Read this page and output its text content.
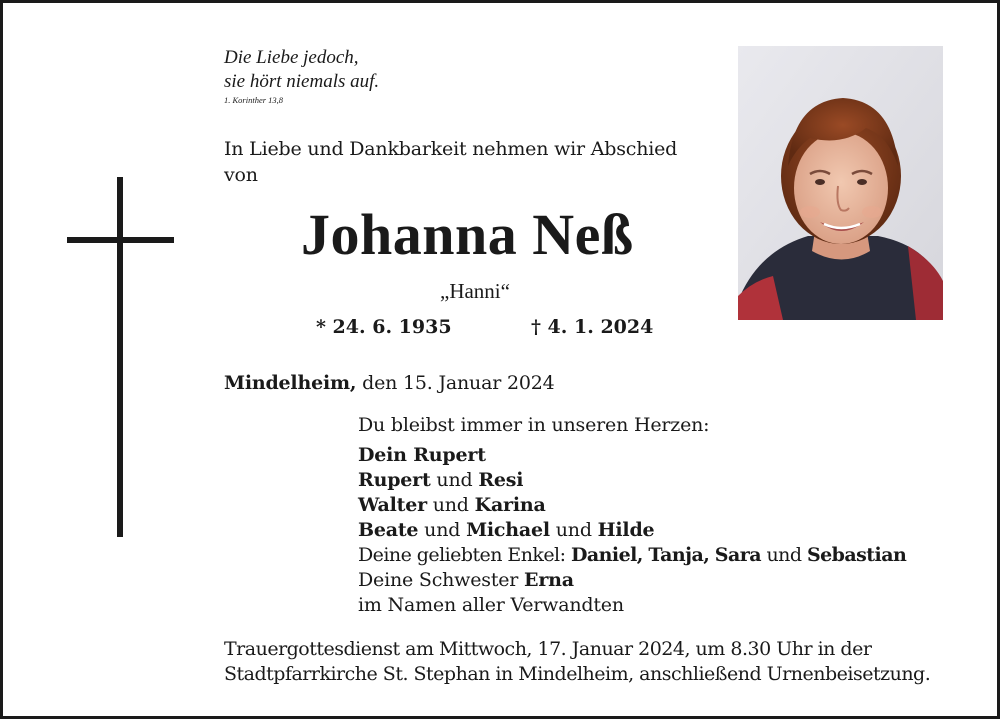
Die Liebe jedoch,
sie hört niemals auf.
1. Korinther 13,8
In Liebe und Dankbarkeit nehmen wir Abschied
von
Johanna Neß
„Hanni“
* 24. 6. 1935	† 4. 1. 2024
Mindelheim, den 15. Januar 2024
Du bleibst immer in unseren Herzen:
Dein Rupert
Rupert und Resi
Walter und Karina
Beate und Michael und Hilde
Deine geliebten Enkel: Daniel, Tanja, Sara und Sebastian
Deine Schwester Erna
im Namen aller Verwandten
Trauergottesdienst am Mittwoch, 17. Januar 2024, um 8.30 Uhr in der
Stadtpfarrkirche St. Stephan in Mindelheim, anschließend Urnenbeisetzung.
